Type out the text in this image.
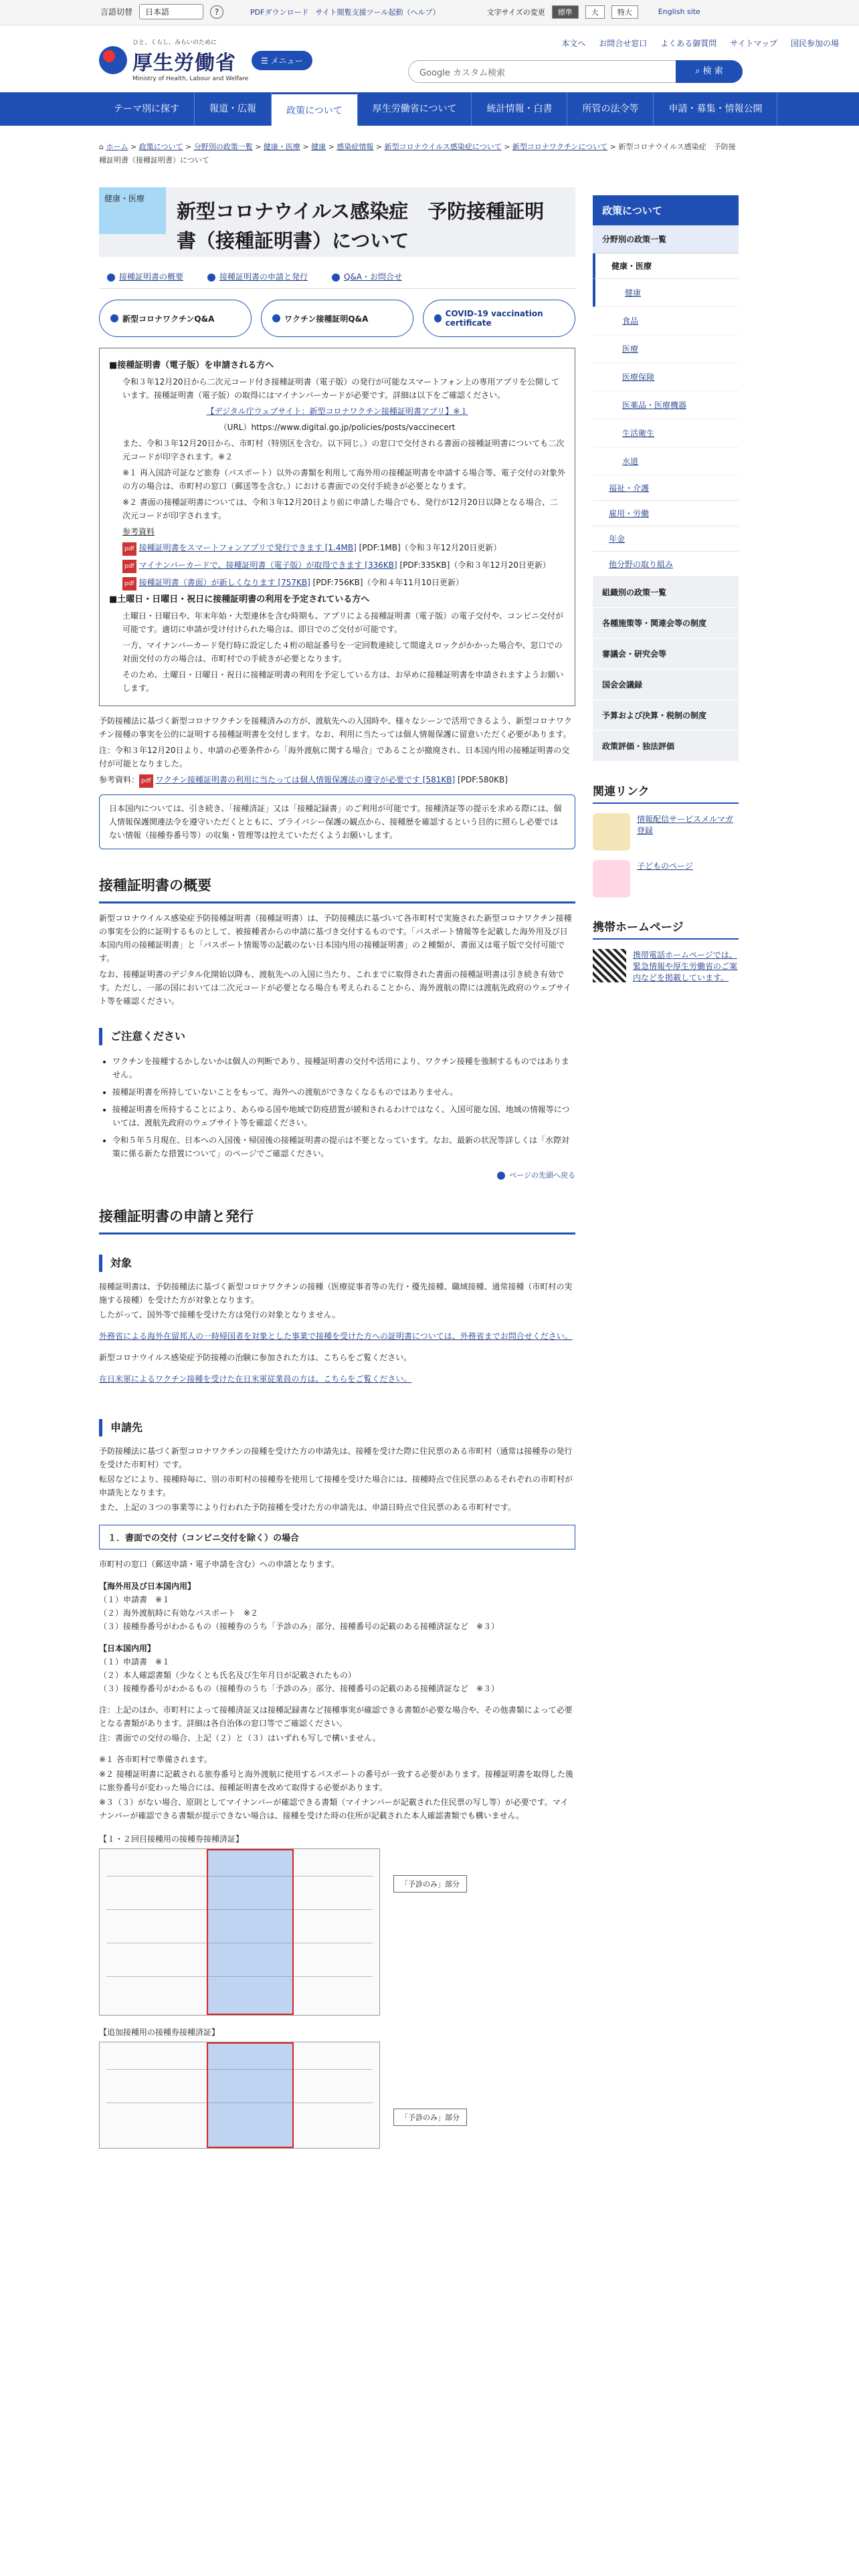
言語切替	日本語	?	PDFダウンロード サイト閲覧支援ツール起動（ヘルプ）	文字サイズの変更	標準	大	特大	English site
ひと、くらし、みらいのために
厚生労働省
Ministry of Health, Labour and Welfare
☰ メニュー
本文へ お問合せ窓口 よくある御質問 サイトマップ 国民参加の場
Google カスタム検索	⌕ 検 索
テーマ別に探す	報道・広報	政策について	厚生労働省について	統計情報・白書	所管の法令等	申請・募集・情報公開
⌂ ホーム > 政策について > 分野別の政策一覧 > 健康・医療 > 健康 > 感染症情報 > 新型コロナウイルス感染症について > 新型コロナワクチンについて > 新型コロナウイルス感染症　予防接種証明書（接種証明書）について
健康・医療
新型コロナウイルス感染症　予防接種証明書（接種証明書）について
接種証明書の概要	接種証明書の申請と発行	Q&A・お問合せ
新型コロナワクチンQ&A	ワクチン接種証明Q&A
COVID-19 vaccination certificate
■接種証明書（電子版）を申請される方へ

令和３年12月20日から二次元コード付き接種証明書（電子版）の発行が可能なスマートフォン上の専用アプリを公開しています。接種証明書（電子版）の取得にはマイナンバーカードが必要です。詳細は以下をご確認ください。

【デジタル庁ウェブサイト：新型コロナワクチン接種証明書アプリ】※１

（URL）https://www.digital.go.jp/policies/posts/vaccinecert

また、令和３年12月20日から、市町村（特別区を含む。以下同じ。）の窓口で交付される書面の接種証明書についても二次元コードが印字されます。※２

※１ 再入国許可証など旅券（パスポート）以外の書類を利用して海外用の接種証明書を申請する場合等、電子交付の対象外の方の場合は、市町村の窓口（郵送等を含む。）における書面での交付手続きが必要となります。

※２ 書面の接種証明書については、令和３年12月20日より前に申請した場合でも、発行が12月20日以降となる場合、二次元コードが印字されます。

参考資料

pdf 接種証明書をスマートフォンアプリで発行できます [1.4MB] [PDF:1MB]（令和３年12月20日更新）

pdf マイナンバーカードで、接種証明書（電子版）が取得できます [336KB] [PDF:335KB]（令和３年12月20日更新）

pdf 接種証明書（書面）が新しくなります [757KB] [PDF:756KB]（令和４年11月10日更新）

■土曜日・日曜日・祝日に接種証明書の利用を予定されている方へ

土曜日・日曜日や、年末年始・大型連休を含む時期も、アプリによる接種証明書（電子版）の電子交付や、コンビニ交付が可能です。適切に申請が受け付けられた場合は、即日でのご交付が可能です。

一方、マイナンバーカード発行時に設定した４桁の暗証番号を一定回数連続して間違えロックがかかった場合や、窓口での対面交付の方の場合は、市町村での手続きが必要となります。

そのため、土曜日・日曜日・祝日に接種証明書の利用を予定している方は、お早めに接種証明書を申請されますようお願いします。

予防接種法に基づく新型コロナワクチンを接種済みの方が、渡航先への入国時や、様々なシーンで活用できるよう、新型コロナワクチン接種の事実を公的に証明する接種証明書を交付します。なお、利用に当たっては個人情報保護に留意いただく必要があります。

注：令和３年12月20日より、申請の必要条件から「海外渡航に関する場合」であることが撤廃され、日本国内用の接種証明書の交付が可能となりました。

参考資料： pdf ワクチン接種証明書の利用に当たっては個人情報保護法の遵守が必要です [581KB] [PDF:580KB]

日本国内については、引き続き、「接種済証」又は「接種記録書」のご利用が可能です。接種済証等の提示を求める際には、個人情報保護関連法令を遵守いただくとともに、プライバシー保護の観点から、接種歴を確認するという目的に照らし必要ではない情報（接種券番号等）の収集・管理等は控えていただくようお願いします。
接種証明書の概要

新型コロナウイルス感染症予防接種証明書（接種証明書）は、予防接種法に基づいて各市町村で実施された新型コロナワクチン接種の事実を公的に証明するものとして、被接種者からの申請に基づき交付するものです。「パスポート情報等を記載した海外用及び日本国内用の接種証明書」と「パスポート情報等の記載のない日本国内用の接種証明書」の２種類が、書面又は電子版で交付可能です。

なお、接種証明書のデジタル化開始以降も、渡航先への入国に当たり、これまでに取得された書面の接種証明書は引き続き有効です。ただし、一部の国においては二次元コードが必要となる場合も考えられることから、海外渡航の際には渡航先政府のウェブサイト等を確認ください。

ご注意ください
• ワクチンを接種するかしないかは個人の判断であり、接種証明書の交付や活用により、ワクチン接種を強制するものではありません。
• 接種証明書を所持していないことをもって、海外への渡航ができなくなるものではありません。
• 接種証明書を所持することにより、あらゆる国や地域で防疫措置が緩和されるわけではなく、入国可能な国、地域の情報等については、渡航先政府のウェブサイト等を確認ください。
• 令和５年５月現在、日本への入国後・帰国後の接種証明書の提示は不要となっています。なお、最新の状況等詳しくは「水際対策に係る新たな措置について」のページでご確認ください。
ページの先頭へ戻る
接種証明書の申請と発行
対象

接種証明書は、予防接種法に基づく新型コロナワクチンの接種（医療従事者等の先行・優先接種、職域接種、通常接種（市町村の実施する接種）を受けた方が対象となります。

したがって、国外等で接種を受けた方は発行の対象となりません。

外務省による海外在留邦人の一時帰国者を対象とした事業で接種を受けた方への証明書については、外務省までお問合せください。

新型コロナウイルス感染症予防接種の治験に参加された方は、こちらをご覧ください。

在日米軍によるワクチン接種を受けた在日米軍従業員の方は、こちらをご覧ください。

申請先

予防接種法に基づく新型コロナワクチンの接種を受けた方の申請先は、接種を受けた際に住民票のある市町村（通常は接種券の発行を受けた市町村）です。

転居などにより、接種時毎に、別の市町村の接種券を使用して接種を受けた場合には、接種時点で住民票のあるそれぞれの市町村が申請先となります。

また、上記の３つの事業等により行われた予防接種を受けた方の申請先は、申請日時点で住民票のある市町村です。

１．書面での交付（コンビニ交付を除く）の場合

市町村の窓口（郵送申請・電子申請を含む）への申請となります。

【海外用及び日本国内用】

（１）申請書　※１

（２）海外渡航時に有効なパスポート　※２

（３）接種券番号がわかるもの（接種券のうち「予診のみ」部分、接種番号の記載のある接種済証など　※３）

【日本国内用】

（１）申請書　※１

（２）本人確認書類（少なくとも氏名及び生年月日が記載されたもの）

（３）接種券番号がわかるもの（接種券のうち「予診のみ」部分、接種番号の記載のある接種済証など　※３）

注：上記のほか、市町村によって接種済証又は接種記録書など接種事実が確認できる書類が必要な場合や、その他書類によって必要となる書類があります。詳細は各自治体の窓口等でご確認ください。

注：書面での交付の場合、上記（２）と（３）はいずれも写しで構いません。

※１ 各市町村で準備されます。

※２ 接種証明書に記載される旅券番号と海外渡航に使用するパスポートの番号が一致する必要があります。接種証明書を取得した後に旅券番号が変わった場合には、接種証明書を改めて取得する必要があります。

※３（３）がない場合、原則としてマイナンバーが確認できる書類（マイナンバーが記載された住民票の写し等）が必要です。マイナンバーが確認できる書類が提示できない場合は、接種を受けた時の住所が記載された本人確認書類でも構いません。

【１・２回目接種用の接種券接種済証】
「予診のみ」部分
【追加接種用の接種券接種済証】
「予診のみ」部分
政策について
分野別の政策一覧
健康・医療
健康
食品
医療
医療保険
医薬品・医療機器
生活衛生
水道
福祉・介護
雇用・労働
年金
他分野の取り組み
組織別の政策一覧
各種施策等・関連会等の制度
審議会・研究会等
国会会議録
予算および決算・税制の制度
政策評価・独法評価
関連リンク
情報配信サービスメルマガ登録
子どものページ
携帯ホームページ
携帯電話ホームページでは、緊急情報や厚生労働省のご案内などを掲載しています。
